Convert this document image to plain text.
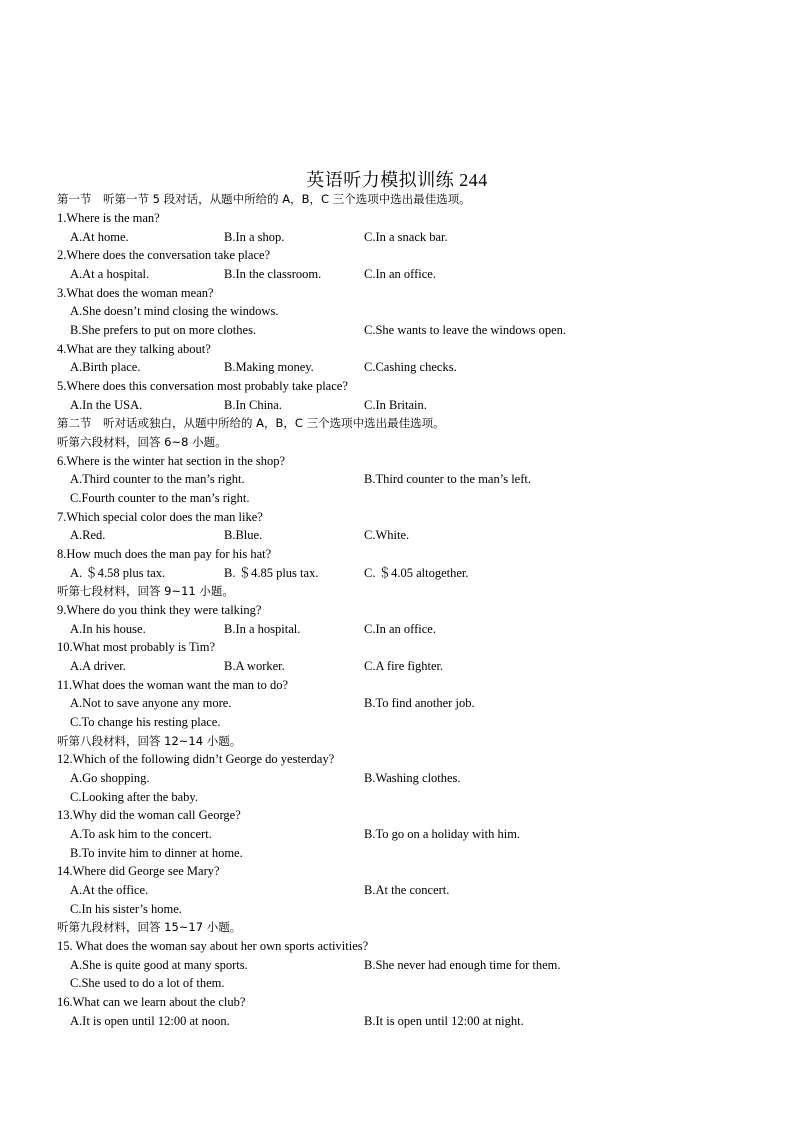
英语听力模拟训练 244
第一节　听第一节 5 段对话，从题中所给的 A，B，C 三个选项中选出最佳选项。
1.Where is the man?
A.At home.	B.In a shop.	C.In a snack bar.
2.Where does the conversation take place?
A.At a hospital.	B.In the classroom.	C.In an office.
3.What does the woman mean?
A.She doesn’t mind closing the windows.
B.She prefers to put on more clothes.	C.She wants to leave the windows open.
4.What are they talking about?
A.Birth place.	B.Making money.	C.Cashing checks.
5.Where does this conversation most probably take place?
A.In the USA.	B.In China.	C.In Britain.
第二节　听对话或独白，从题中所给的 A，B，C 三个选项中选出最佳选项。
听第六段材料，回答 6~8 小题。
6.Where is the winter hat section in the shop?
A.Third counter to the man’s right.	B.Third counter to the man’s left.
C.Fourth counter to the man’s right.
7.Which special color does the man like?
A.Red.	B.Blue.	C.White.
8.How much does the man pay for his hat?
A. ＄4.58 plus tax.	B. ＄4.85 plus tax.	C. ＄4.05 altogether.
听第七段材料，回答 9~11 小题。
9.Where do you think they were talking?
A.In his house.	B.In a hospital.	C.In an office.
10.What most probably is Tim?
A.A driver.	B.A worker.	C.A fire fighter.
11.What does the woman want the man to do?
A.Not to save anyone any more.	B.To find another job.
C.To change his resting place.
听第八段材料，回答 12~14 小题。
12.Which of the following didn’t George do yesterday?
A.Go shopping.	B.Washing clothes.
C.Looking after the baby.
13.Why did the woman call George?
A.To ask him to the concert.	B.To go on a holiday with him.
B.To invite him to dinner at home.
14.Where did George see Mary?
A.At the office.	B.At the concert.
C.In his sister’s home.
听第九段材料，回答 15~17 小题。
15. What does the woman say about her own sports activities?
A.She is quite good at many sports.	B.She never had enough time for them.
C.She used to do a lot of them.
16.What can we learn about the club?
A.It is open until 12:00 at noon.	B.It is open until 12:00 at night.
